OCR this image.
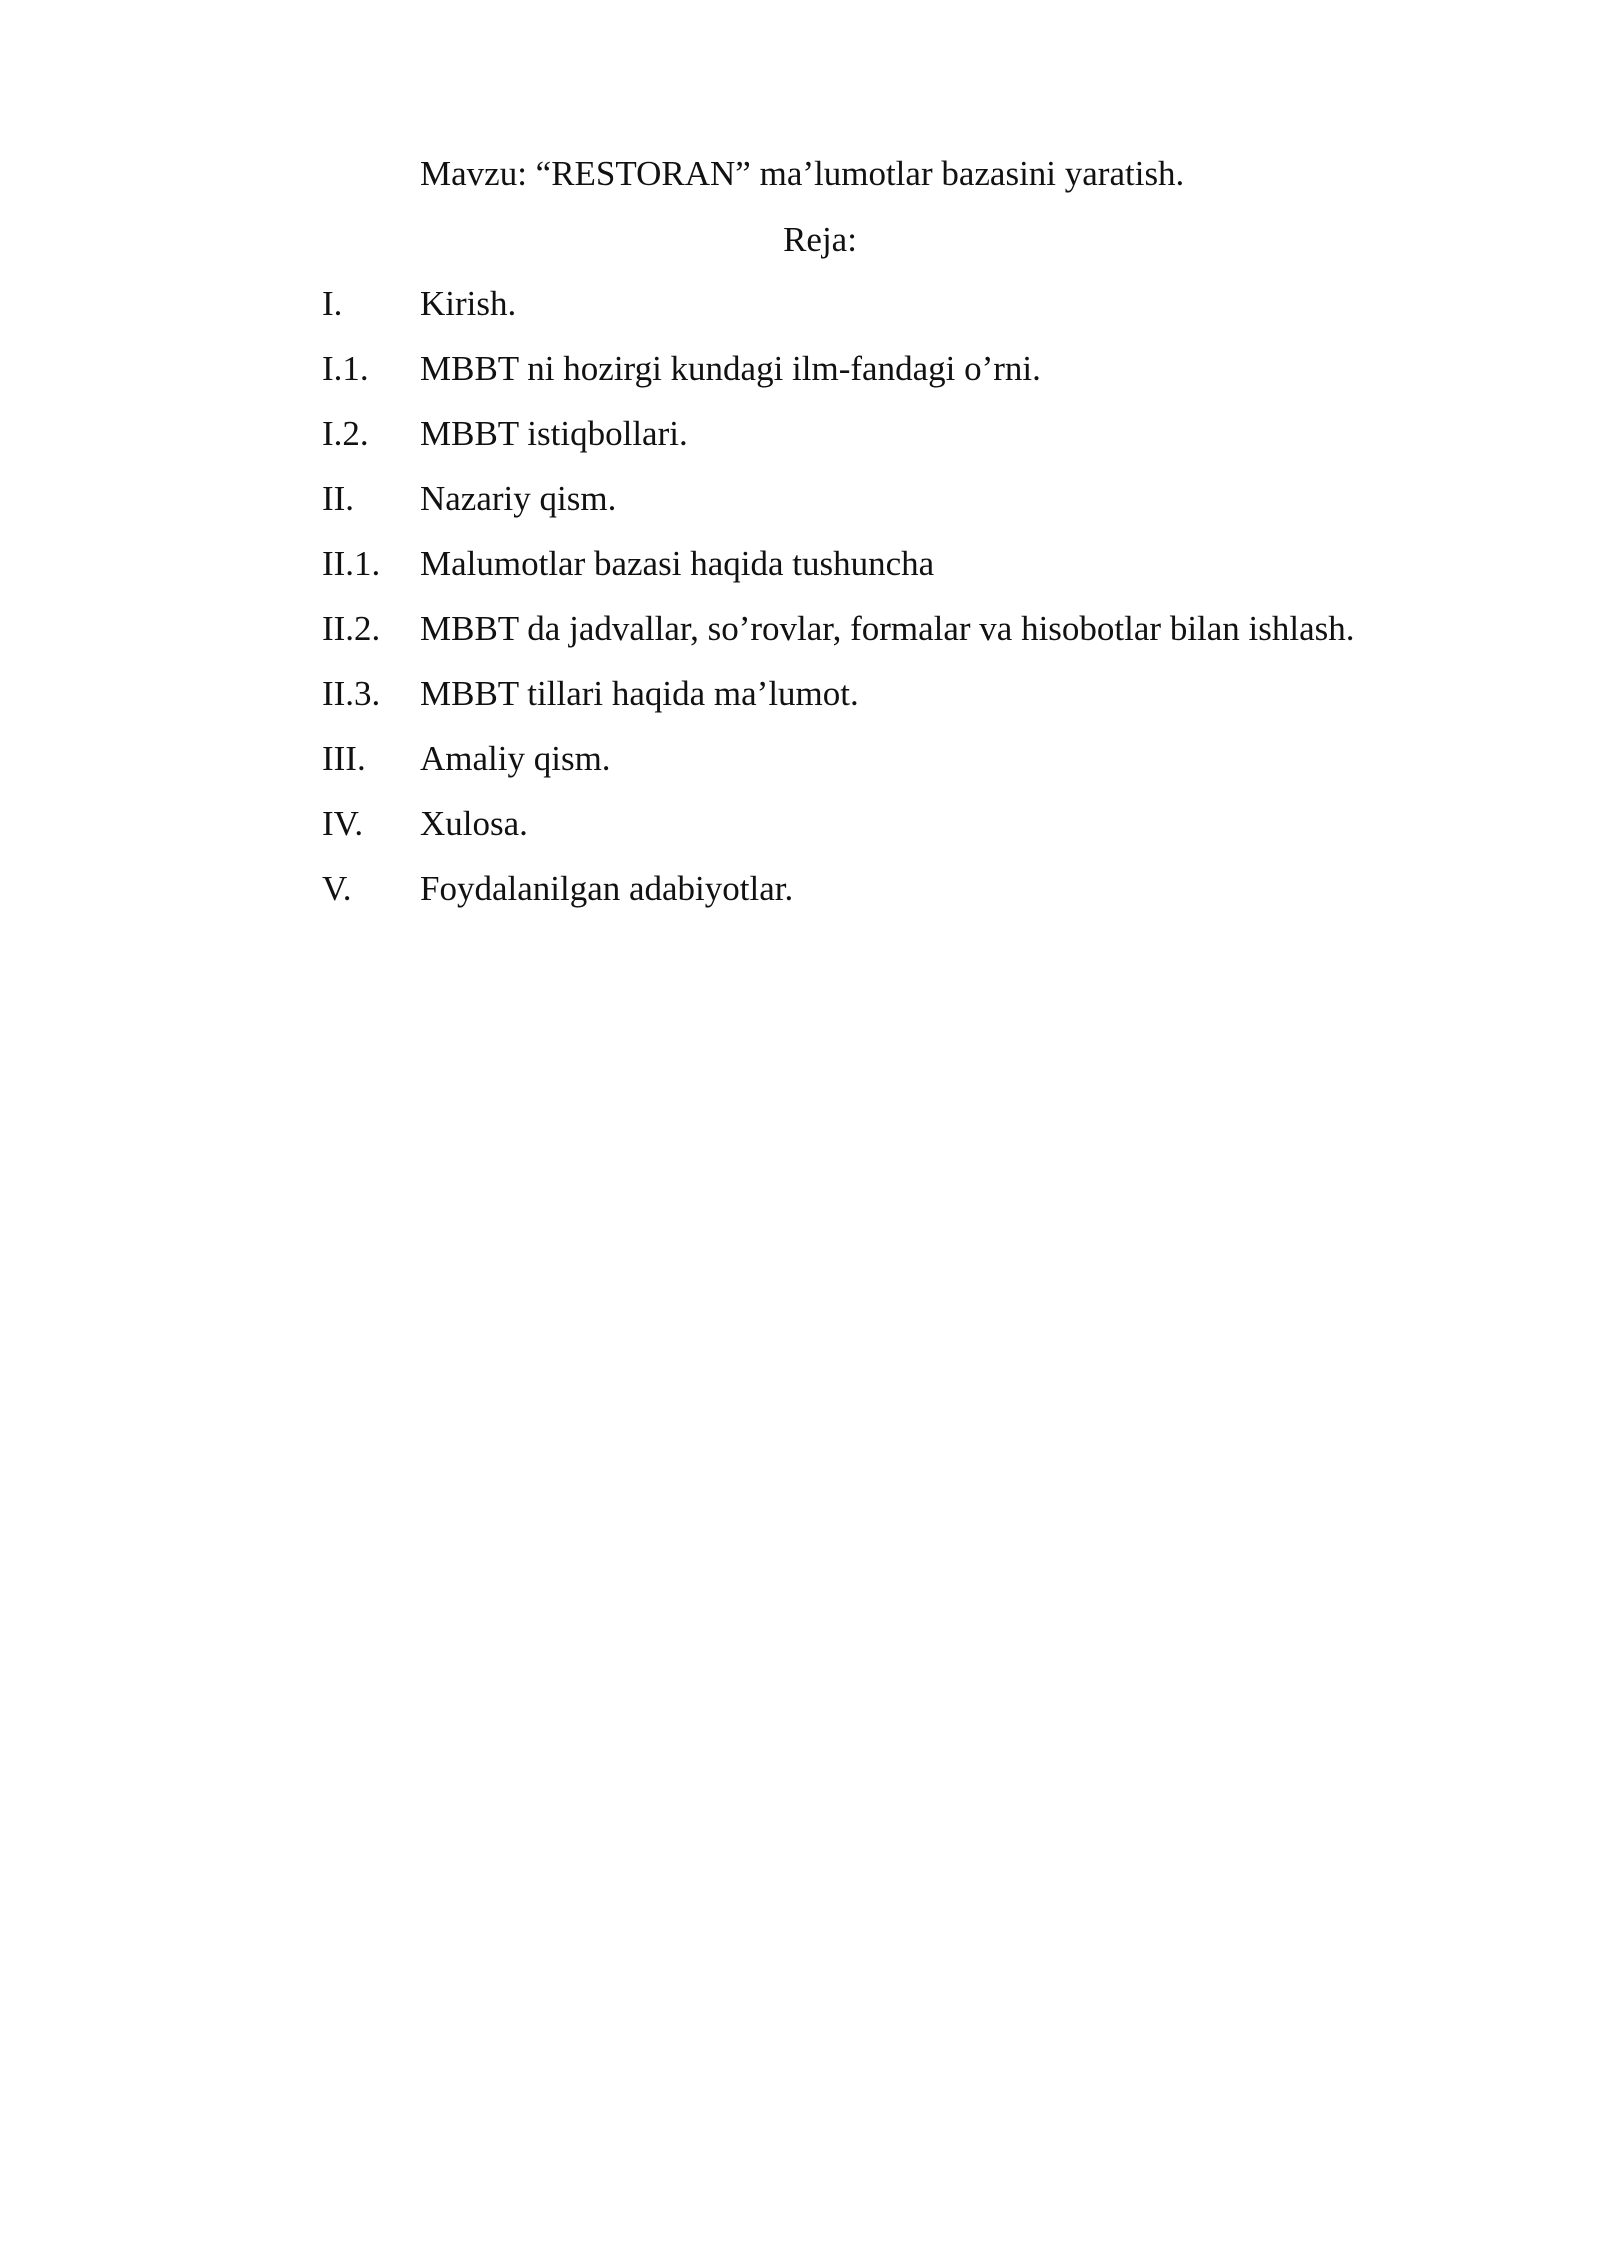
Mavzu: “RESTORAN” ma’lumotlar bazasini yaratish.
Reja:
I.	Kirish.
I.1.	MBBT ni hozirgi kundagi ilm-fandagi o’rni.
I.2.	MBBT istiqbollari.
II.	Nazariy qism.
II.1.	Malumotlar bazasi haqida tushuncha
II.2.	MBBT da jadvallar, so’rovlar, formalar va hisobotlar bilan ishlash.
II.3.	MBBT tillari haqida ma’lumot.
III.	Amaliy qism.
IV.	Xulosa.
V.	Foydalanilgan adabiyotlar.
